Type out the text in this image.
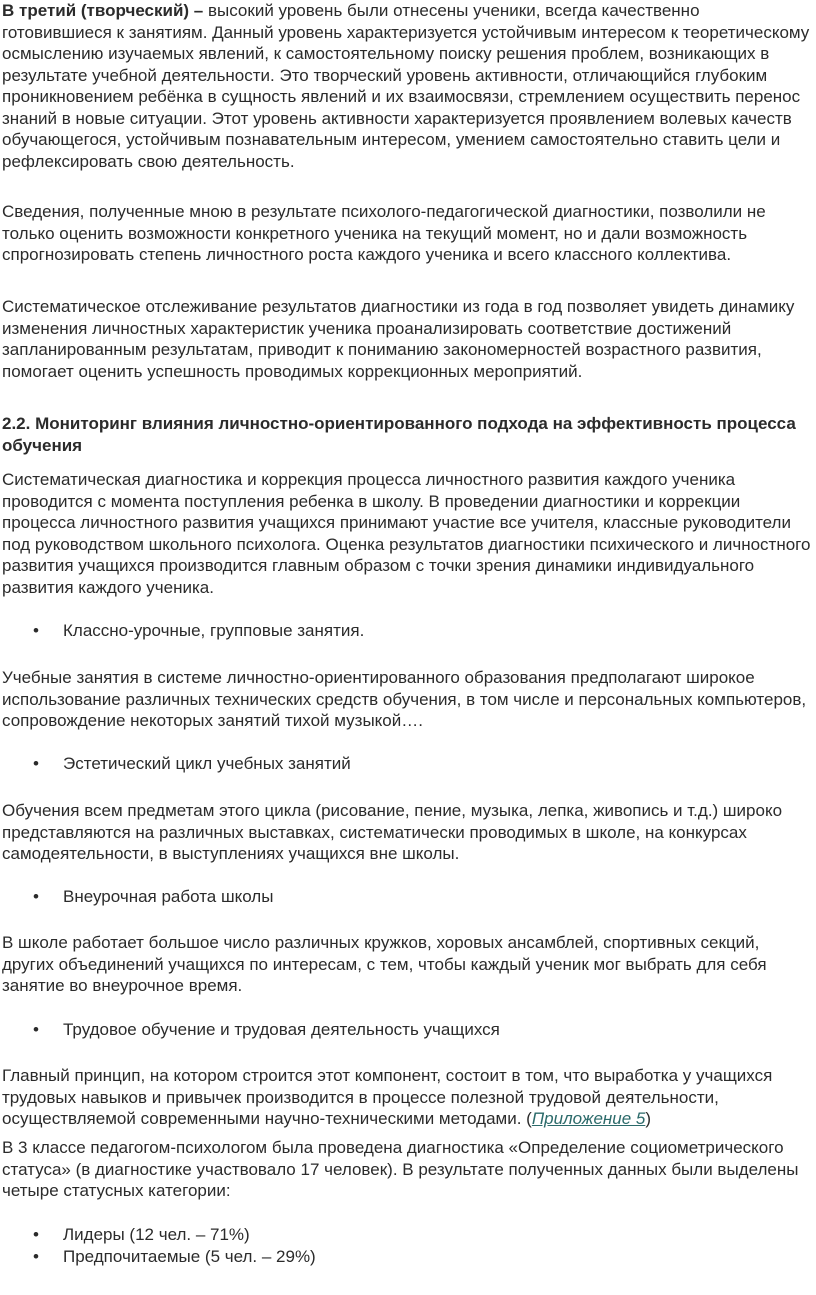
В третий (творческий) – высокий уровень были отнесены ученики, всегда качественно готовившиеся к занятиям. Данный уровень характеризуется устойчивым интересом к теоретическому осмыслению изучаемых явлений, к самостоятельному поиску решения проблем, возникающих в результате учебной деятельности. Это творческий уровень активности, отличающийся глубоким проникновением ребёнка в сущность явлений и их взаимосвязи, стремлением осуществить перенос знаний в новые ситуации. Этот уровень активности характеризуется проявлением волевых качеств обучающегося, устойчивым познавательным интересом, умением самостоятельно ставить цели и рефлексировать свою деятельность.

Сведения, полученные мною в результате психолого-педагогической диагностики, позволили не только оценить возможности конкретного ученика на текущий момент, но и дали возможность спрогнозировать степень личностного роста каждого ученика и всего классного коллектива.

Систематическое отслеживание результатов диагностики из года в год позволяет увидеть динамику изменения личностных характеристик ученика проанализировать соответствие достижений запланированным результатам, приводит к пониманию закономерностей возрастного развития, помогает оценить успешность проводимых коррекционных мероприятий.

2.2. Мониторинг влияния личностно-ориентированного подхода на эффективность процесса обучения

Систематическая диагностика и коррекция процесса личностного развития каждого ученика проводится с момента поступления ребенка в школу. В проведении диагностики и коррекции процесса личностного развития учащихся принимают участие все учителя, классные руководители под руководством школьного психолога. Оценка результатов диагностики психического и личностного развития учащихся производится главным образом с точки зрения динамики индивидуального развития каждого ученика.

• Классно-урочные, групповые занятия.

Учебные занятия в системе личностно-ориентированного образования предполагают широкое использование различных технических средств обучения, в том числе и персональных компьютеров, сопровождение некоторых занятий тихой музыкой….

• Эстетический цикл учебных занятий

Обучения всем предметам этого цикла (рисование, пение, музыка, лепка, живопись и т.д.) широко представляются на различных выставках, систематически проводимых в школе, на конкурсах самодеятельности, в выступлениях учащихся вне школы.

• Внеурочная работа школы

В школе работает большое число различных кружков, хоровых ансамблей, спортивных секций, других объединений учащихся по интересам, с тем, чтобы каждый ученик мог выбрать для себя занятие во внеурочное время.

• Трудовое обучение и трудовая деятельность учащихся

Главный принцип, на котором строится этот компонент, состоит в том, что выработка у учащихся трудовых навыков и привычек производится в процессе полезной трудовой деятельности, осуществляемой современными научно-техническими методами. (Приложение 5)

В 3 классе педагогом-психологом была проведена диагностика «Определение социометрического статуса» (в диагностике участвовало 17 человек). В результате полученных данных были выделены четыре статусных категории:

• Лидеры (12 чел. – 71%)
• Предпочитаемые (5 чел. – 29%)
